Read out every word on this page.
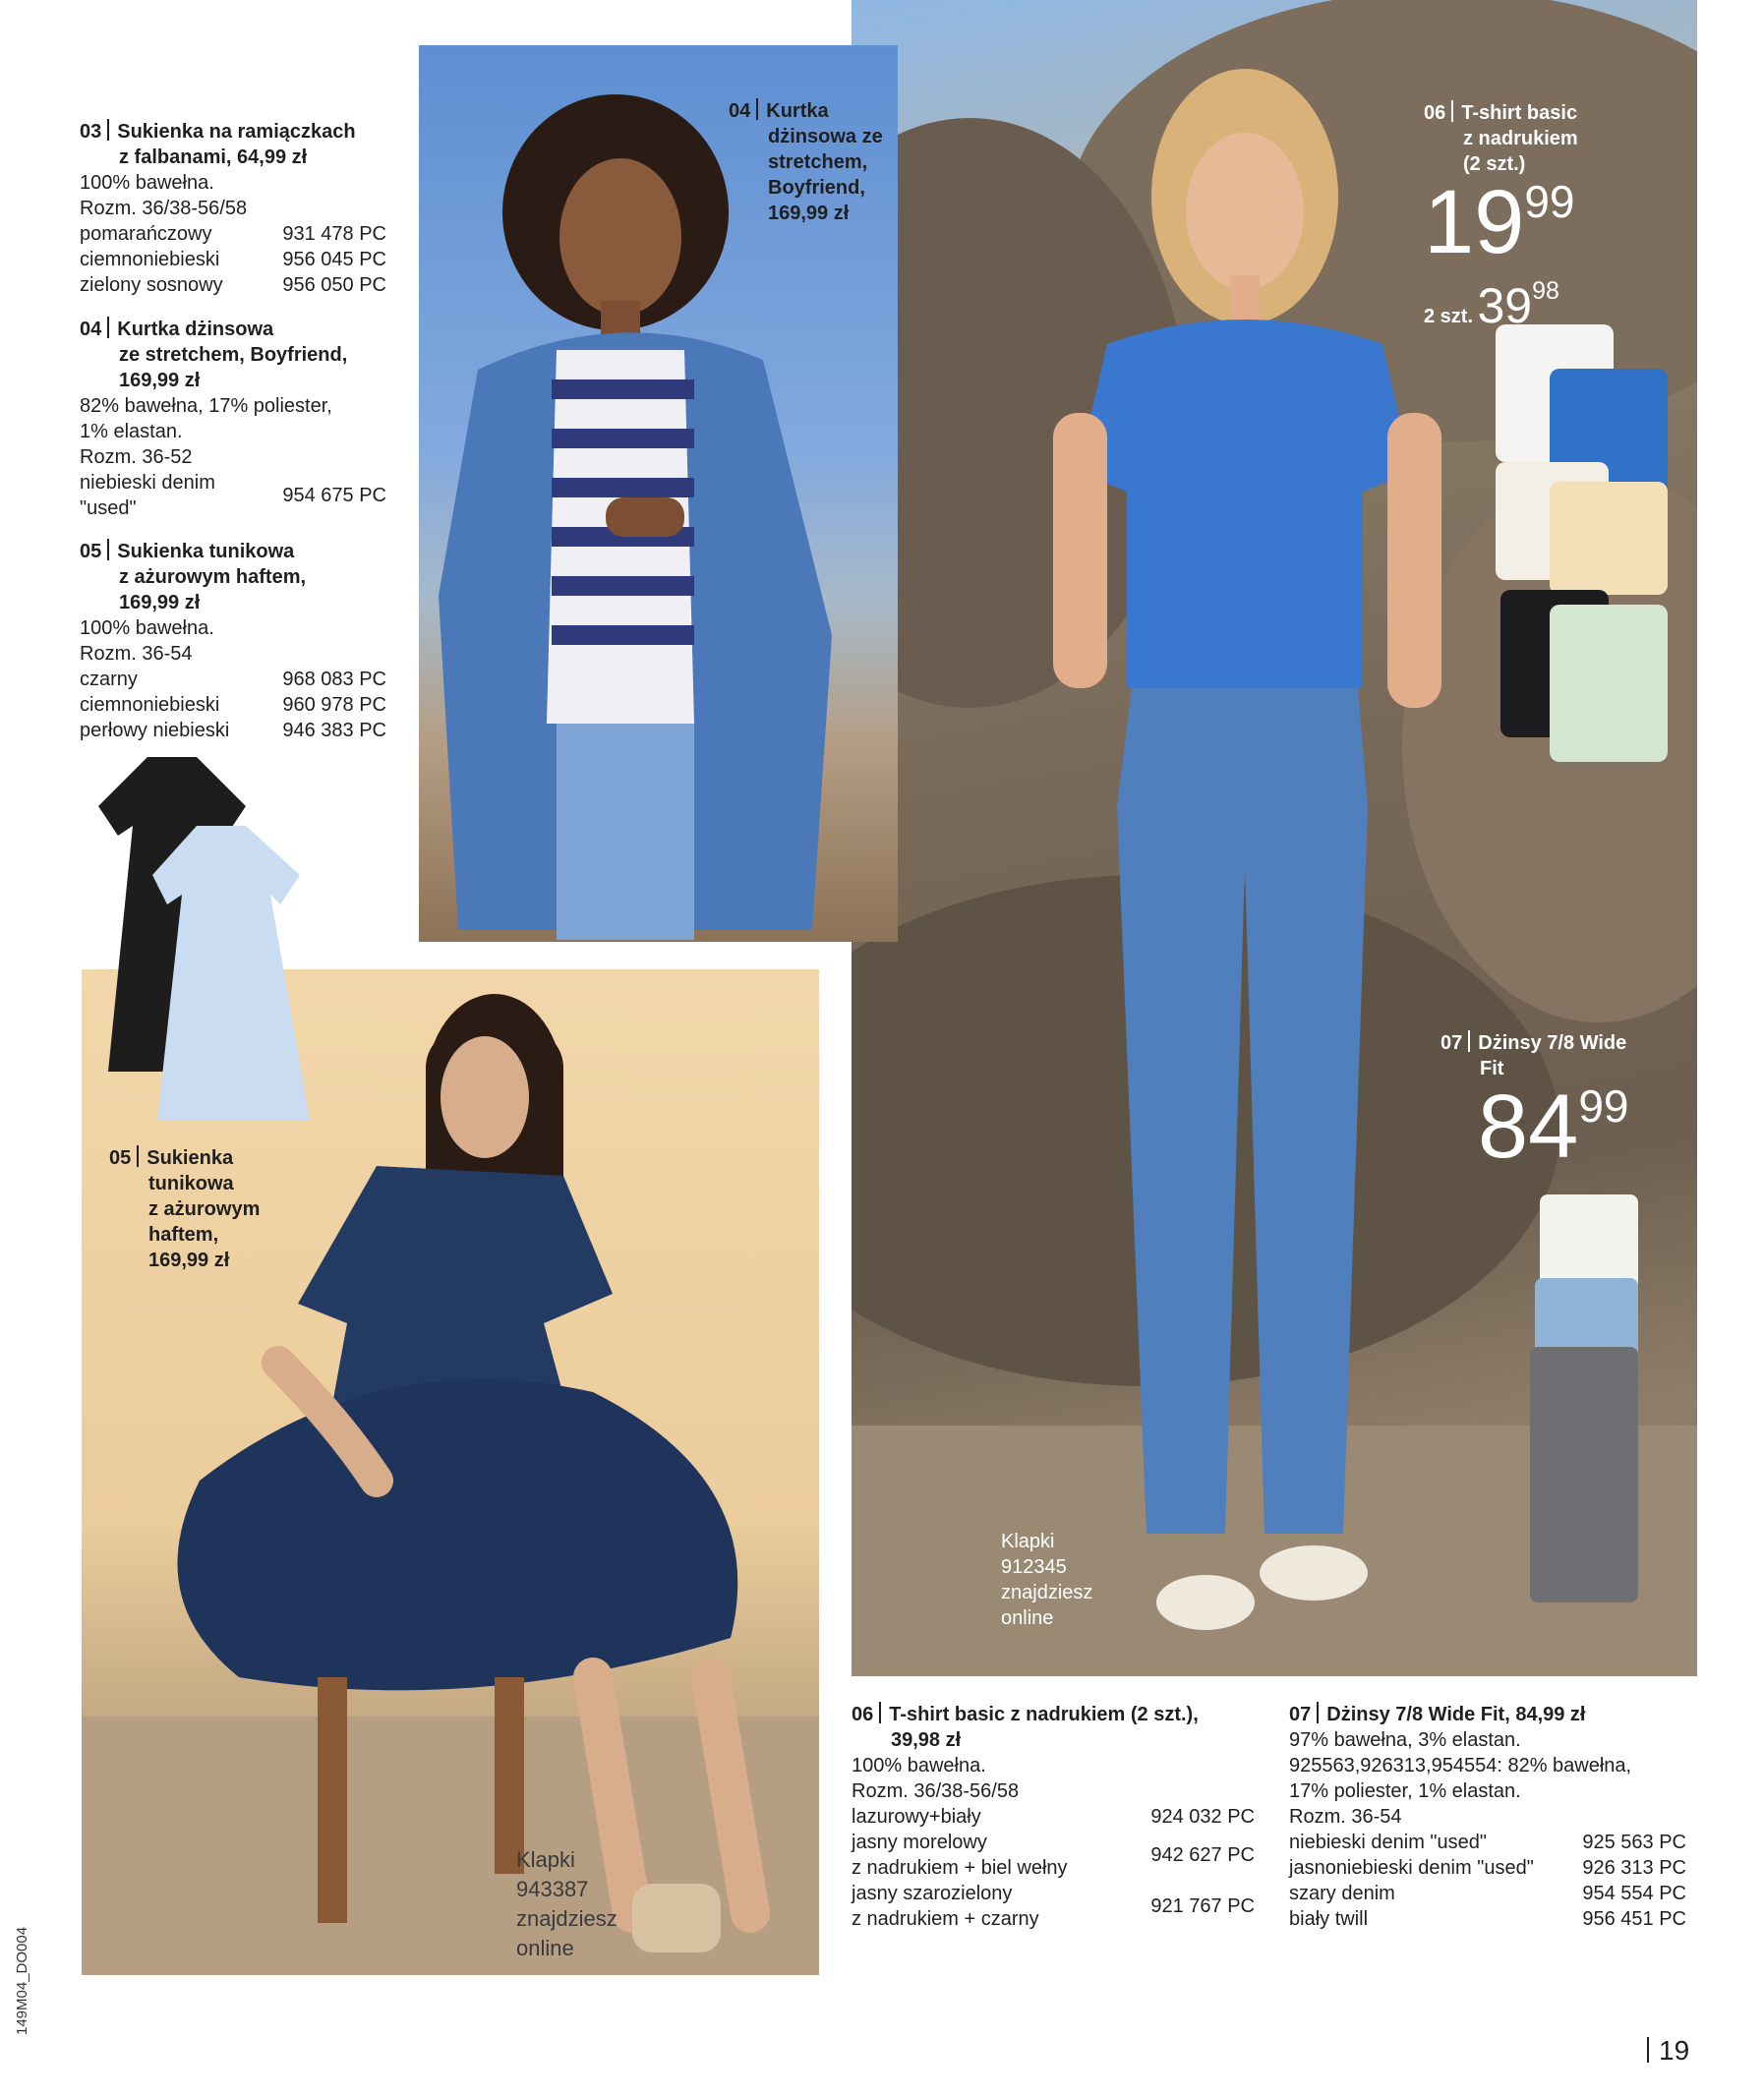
03 Sukienka na ramiączkach
z falbanami, 64,99 zł
100% bawełna.
Rozm. 36/38-56/58
pomarańczowy	931 478 PC
ciemnoniebieski	956 045 PC
zielony sosnowy	956 050 PC
04 Kurtka dżinsowa
ze stretchem, Boyfriend,
169,99 zł
82% bawełna, 17% poliester,
1% elastan.
Rozm. 36-52
niebieski denim
"used"
954 675 PC
05 Sukienka tunikowa
z ażurowym haftem,
169,99 zł
100% bawełna.
Rozm. 36-54
czarny	968 083 PC
ciemnoniebieski	960 978 PC
perłowy niebieski	946 383 PC
04 Kurtka
dżinsowa ze
stretchem,
Boyfriend,
169,99 zł
05 Sukienka
tunikowa
z ażurowym
haftem,
169,99 zł
Klapki
943387
znajdziesz
online
Klapki
912345
znajdziesz
online
06 T-shirt basic
z nadrukiem
(2 szt.)
$19^{99}$
2 szt. 3998
07 Dżinsy 7/8 Wide
Fit
$84^{99}$
06 T-shirt basic z nadrukiem (2 szt.),
39,98 zł
100% bawełna.
Rozm. 36/38-56/58
lazurowy+biały	924 032 PC
jasny morelowy
z nadrukiem + biel wełny
942 627 PC
jasny szarozielony
z nadrukiem + czarny
921 767 PC
07 Dżinsy 7/8 Wide Fit, 84,99 zł
97% bawełna, 3% elastan.
925563,926313,954554: 82% bawełna,
17% poliester, 1% elastan.
Rozm. 36-54
niebieski denim "used"	925 563 PC
jasnoniebieski denim "used" 926 313 PC
szary denim	954 554 PC
biały twill	956 451 PC
149M04_DO004
19
